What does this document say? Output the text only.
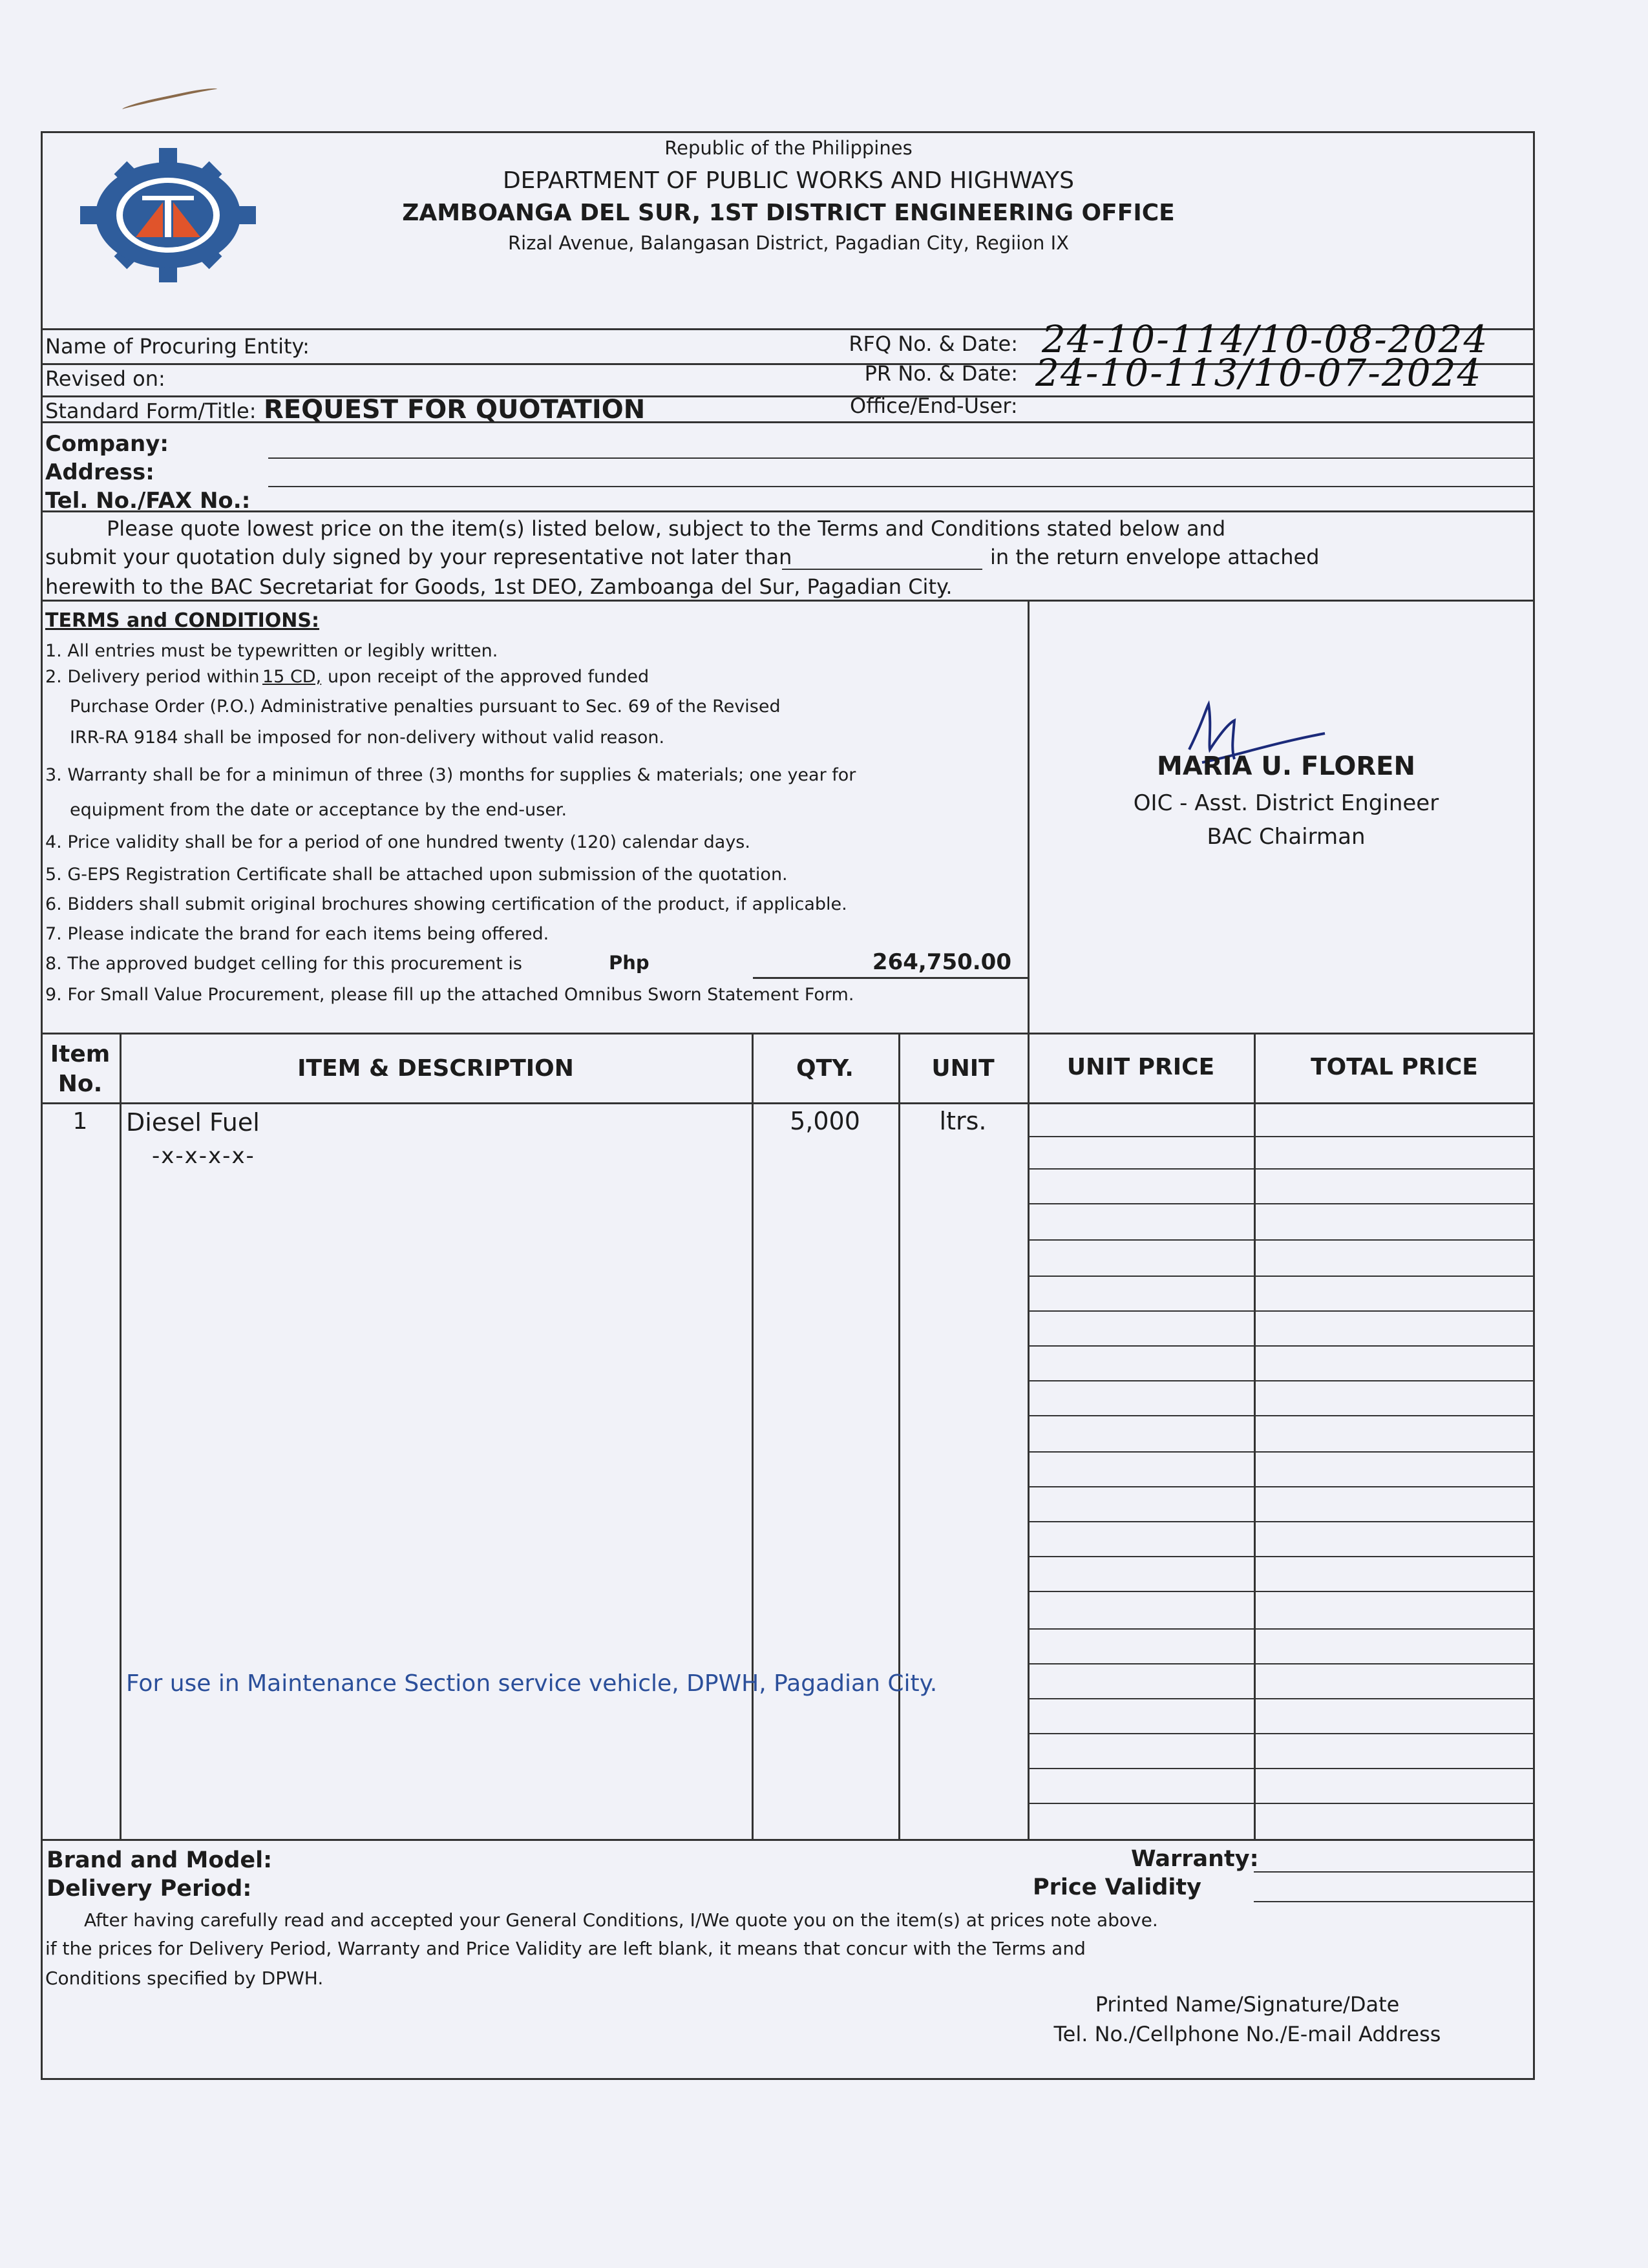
Republic of the Philippines
DEPARTMENT OF PUBLIC WORKS AND HIGHWAYS
ZAMBOANGA DEL SUR, 1ST DISTRICT ENGINEERING OFFICE
Rizal Avenue, Balangasan District, Pagadian City, Regiion IX
Name of Procuring Entity:
Revised on:
Standard Form/Title: REQUEST FOR QUOTATION
RFQ No. & Date: 24-10-114/10-08-2024
PR No. & Date: 24-10-113/10-07-2024
Office/End-User:
Company:
Address:
Tel. No./FAX No.:
Please quote lowest price on the item(s) listed below, subject to the Terms and Conditions stated below and
submit your quotation duly signed by your representative not later than	in the return envelope attached
herewith to the BAC Secretariat for Goods, 1st DEO, Zamboanga del Sur, Pagadian City.
TERMS and CONDITIONS:
1. All entries must be typewritten or legibly written.
2. Delivery period within 15 CD, upon receipt of the approved funded
Purchase Order (P.O.) Administrative penalties pursuant to Sec. 69 of the Revised
IRR-RA 9184 shall be imposed for non-delivery without valid reason.
3. Warranty shall be for a minimun of three (3) months for supplies & materials; one year for
equipment from the date or acceptance by the end-user.
4. Price validity shall be for a period of one hundred twenty (120) calendar days.
5. G-EPS Registration Certificate shall be attached upon submission of the quotation.
6. Bidders shall submit original brochures showing certification of the product, if applicable.
7. Please indicate the brand for each items being offered.
8. The approved budget celling for this procurement is	Php	264,750.00
9. For Small Value Procurement, please fill up the attached Omnibus Sworn Statement Form.
MARIA U. FLOREN
OIC - Asst. District Engineer
BAC Chairman
Item
No.
ITEM & DESCRIPTION	QTY.	UNIT	UNIT PRICE	TOTAL PRICE
1	Diesel Fuel	5,000	ltrs.
-x-x-x-x-
For use in Maintenance Section service vehicle, DPWH, Pagadian City.
Brand and Model:
Delivery Period:
Warranty:
Price Validity
After having carefully read and accepted your General Conditions, I/We quote you on the item(s) at prices note above.
if the prices for Delivery Period, Warranty and Price Validity are left blank, it means that concur with the Terms and
Conditions specified by DPWH.
Printed Name/Signature/Date
Tel. No./Cellphone No./E-mail Address
